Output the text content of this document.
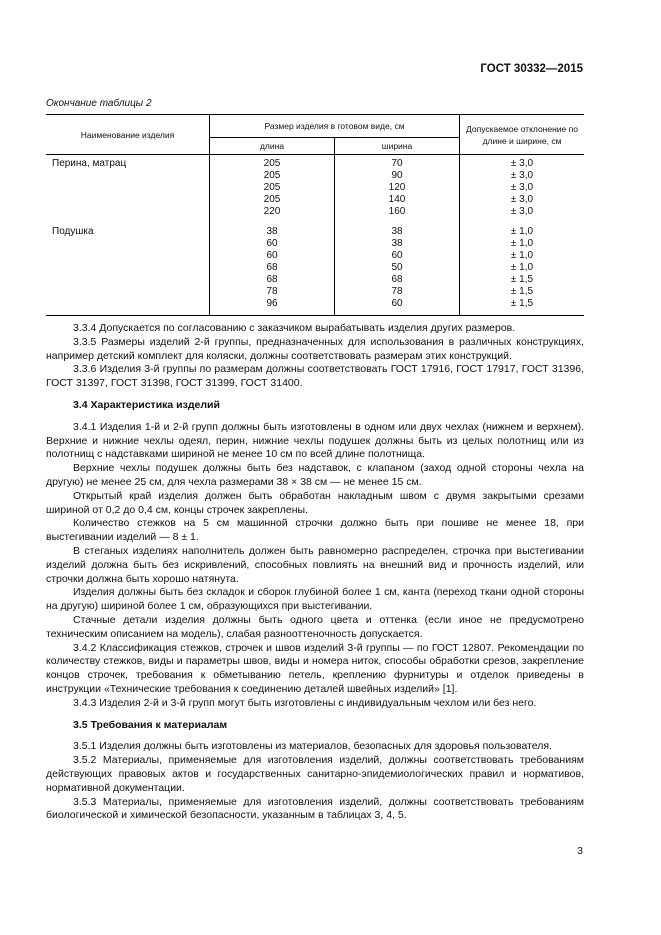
ГОСТ 30332—2015

Окончание таблицы 2

Наименование изделия	Размер изделия в готовом виде, см		Допускаемое отклонение по длине и ширине, см
	длина	ширина	
Перина, матрац	205	70	± 3,0
	205	90	± 3,0
	205	120	± 3,0
	205	140	± 3,0
	220	160	± 3,0
Подушка	38	38	± 1,0
	60	38	± 1,0
	60	60	± 1,0
	68	50	± 1,0
	68	68	± 1,5
	78	78	± 1,5
	96	60	± 1,5

3.3.4 Допускается по согласованию с заказчиком вырабатывать изделия других размеров.

3.3.5 Размеры изделий 2-й группы, предназначенных для использования в различных конструкциях, например детский комплект для коляски, должны соответствовать размерам этих конструкций.

3.3.6 Изделия 3-й группы по размерам должны соответствовать ГОСТ 17916, ГОСТ 17917, ГОСТ 31396, ГОСТ 31397, ГОСТ 31398, ГОСТ 31399, ГОСТ 31400.

3.4 Характеристика изделий

3.4.1 Изделия 1-й и 2-й групп должны быть изготовлены в одном или двух чехлах (нижнем и верхнем). Верхние и нижние чехлы одеял, перин, нижние чехлы подушек должны быть из целых полотнищ или из полотнищ с надставками шириной не менее 10 см по всей длине полотнища.

Верхние чехлы подушек должны быть без надставок, с клапаном (заход одной стороны чехла на другую) не менее 25 см, для чехла размерами 38 × 38 см — не менее 15 см.

Открытый край изделия должен быть обработан накладным швом с двумя закрытыми срезами шириной от 0,2 до 0,4 см, концы строчек закреплены.

Количество стежков на 5 см машинной строчки должно быть при пошиве не менее 18, при выстегивании изделий — 8 ± 1.

В стеганых изделиях наполнитель должен быть равномерно распределен, строчка при выстегивании изделий должна быть без искривлений, способных повлиять на внешний вид и прочность изделий, или строчки должна быть хорошо натянута.

Изделия должны быть без складок и сборок глубиной более 1 см, канта (переход ткани одной стороны на другую) шириной более 1 см, образующихся при выстегивании.

Стачные детали изделия должны быть одного цвета и оттенка (если иное не предусмотрено техническим описанием на модель), слабая разнооттеночность допускается.

3.4.2 Классификация стежков, строчек и швов изделий 3-й группы — по ГОСТ 12807. Рекомендации по количеству стежков, виды и параметры швов, виды и номера ниток, способы обработки срезов, закрепление концов строчек, требования к обметыванию петель, креплению фурнитуры и отделок приведены в инструкции «Технические требования к соединению деталей швейных изделий» [1].

3.4.3 Изделия 2-й и 3-й групп могут быть изготовлены с индивидуальным чехлом или без него.

3.5 Требования к материалам

3.5.1 Изделия должны быть изготовлены из материалов, безопасных для здоровья пользователя.

3.5.2 Материалы, применяемые для изготовления изделий, должны соответствовать требованиям действующих правовых актов и государственных санитарно-эпидемиологических правил и нормативов, нормативной документации.

3.5.3 Материалы, применяемые для изготовления изделий, должны соответствовать требованиям биологической и химической безопасности, указанным в таблицах 3, 4, 5.

3
